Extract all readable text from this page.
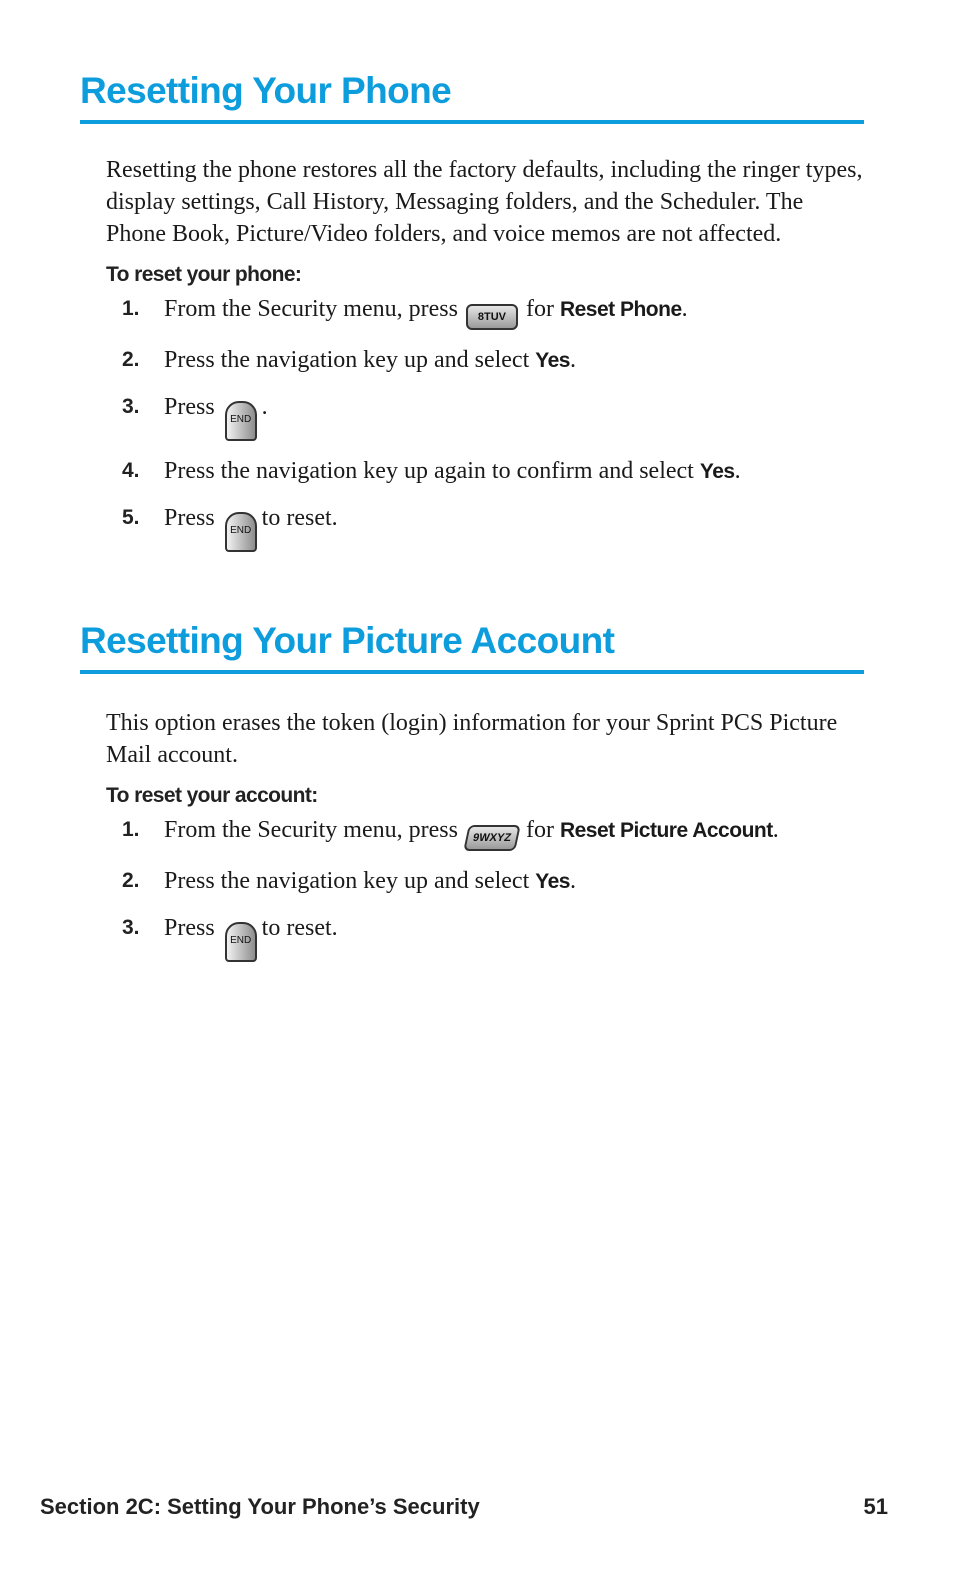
Resetting Your Phone

Resetting the phone restores all the factory defaults, including the ringer types, display settings, Call History, Messaging folders, and the Scheduler. The Phone Book, Picture/Video folders, and voice memos are not affected.

To reset your phone:
1. From the Security menu, press 8TUV for Reset Phone.
2. Press the navigation key up and select Yes.
3. Press END .
4. Press the navigation key up again to confirm and select Yes.
5. Press END to reset.
Resetting Your Picture Account

This option erases the token (login) information for your Sprint PCS Picture Mail account.

To reset your account:
1. From the Security menu, press 9WXYZ for Reset Picture Account.
2. Press the navigation key up and select Yes.
3. Press END to reset.
Section 2C: Setting Your Phone’s Security	51
